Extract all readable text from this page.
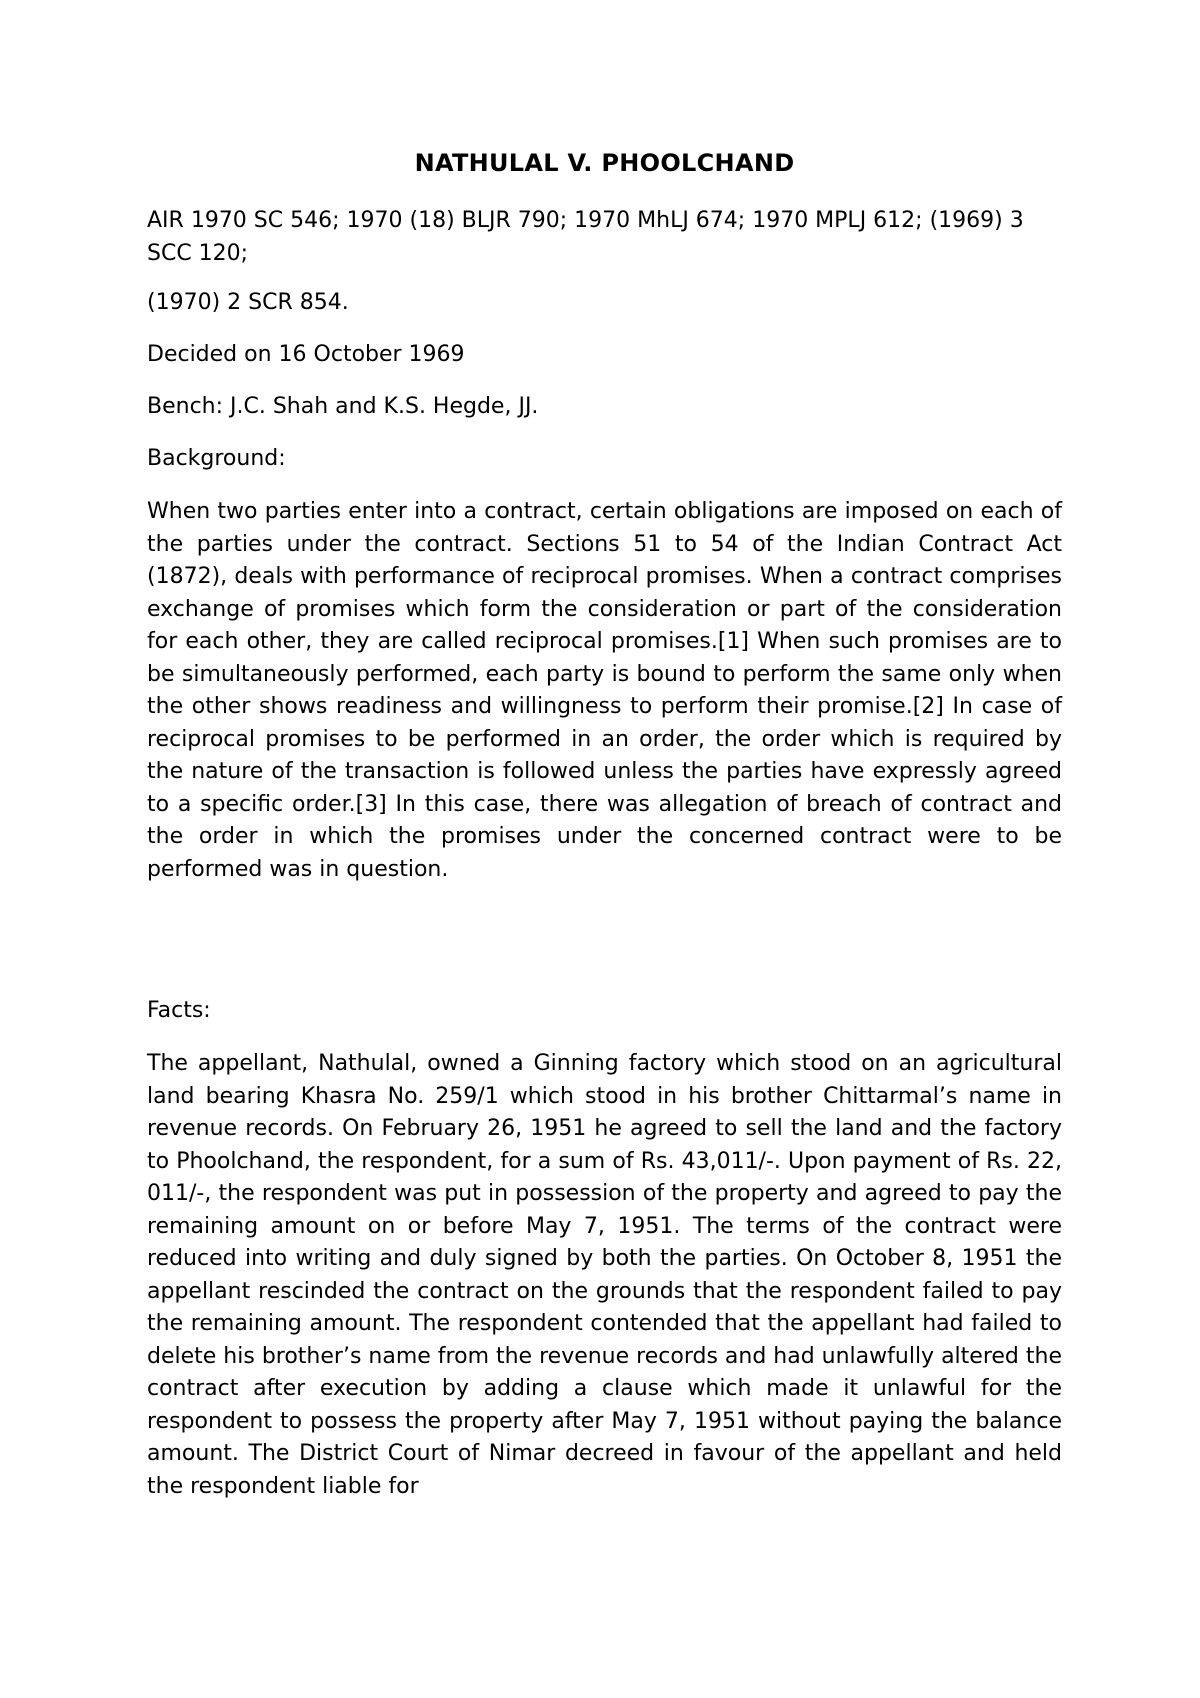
NATHULAL V. PHOOLCHAND

AIR 1970 SC 546; 1970 (18) BLJR 790; 1970 MhLJ 674; 1970 MPLJ 612; (1969) 3 SCC 120;

(1970) 2 SCR 854.

Decided on 16 October 1969

Bench: J.C. Shah and K.S. Hegde, JJ.

Background:

When two parties enter into a contract, certain obligations are imposed on each of the parties under the contract. Sections 51 to 54 of the Indian Contract Act (1872), deals with performance of reciprocal promises. When a contract comprises exchange of promises which form the consideration or part of the consideration for each other, they are called reciprocal promises.[1] When such promises are to be simultaneously performed, each party is bound to perform the same only when the other shows readiness and willingness to perform their promise.[2] In case of reciprocal promises to be performed in an order, the order which is required by the nature of the transaction is followed unless the parties have expressly agreed to a specific order.[3] In this case, there was allegation of breach of contract and the order in which the promises under the concerned contract were to be performed was in question.

Facts:

The appellant, Nathulal, owned a Ginning factory which stood on an agricultural land bearing Khasra No. 259/1 which stood in his brother Chittarmal’s name in revenue records. On February 26, 1951 he agreed to sell the land and the factory to Phoolchand, the respondent, for a sum of Rs. 43,011/-. Upon payment of Rs. 22, 011/-, the respondent was put in possession of the property and agreed to pay the remaining amount on or before May 7, 1951. The terms of the contract were reduced into writing and duly signed by both the parties. On October 8, 1951 the appellant rescinded the contract on the grounds that the respondent failed to pay the remaining amount. The respondent contended that the appellant had failed to delete his brother’s name from the revenue records and had unlawfully altered the contract after execution by adding a clause which made it unlawful for the respondent to possess the property after May 7, 1951 without paying the balance amount. The District Court of Nimar decreed in favour of the appellant and held the respondent liable for
